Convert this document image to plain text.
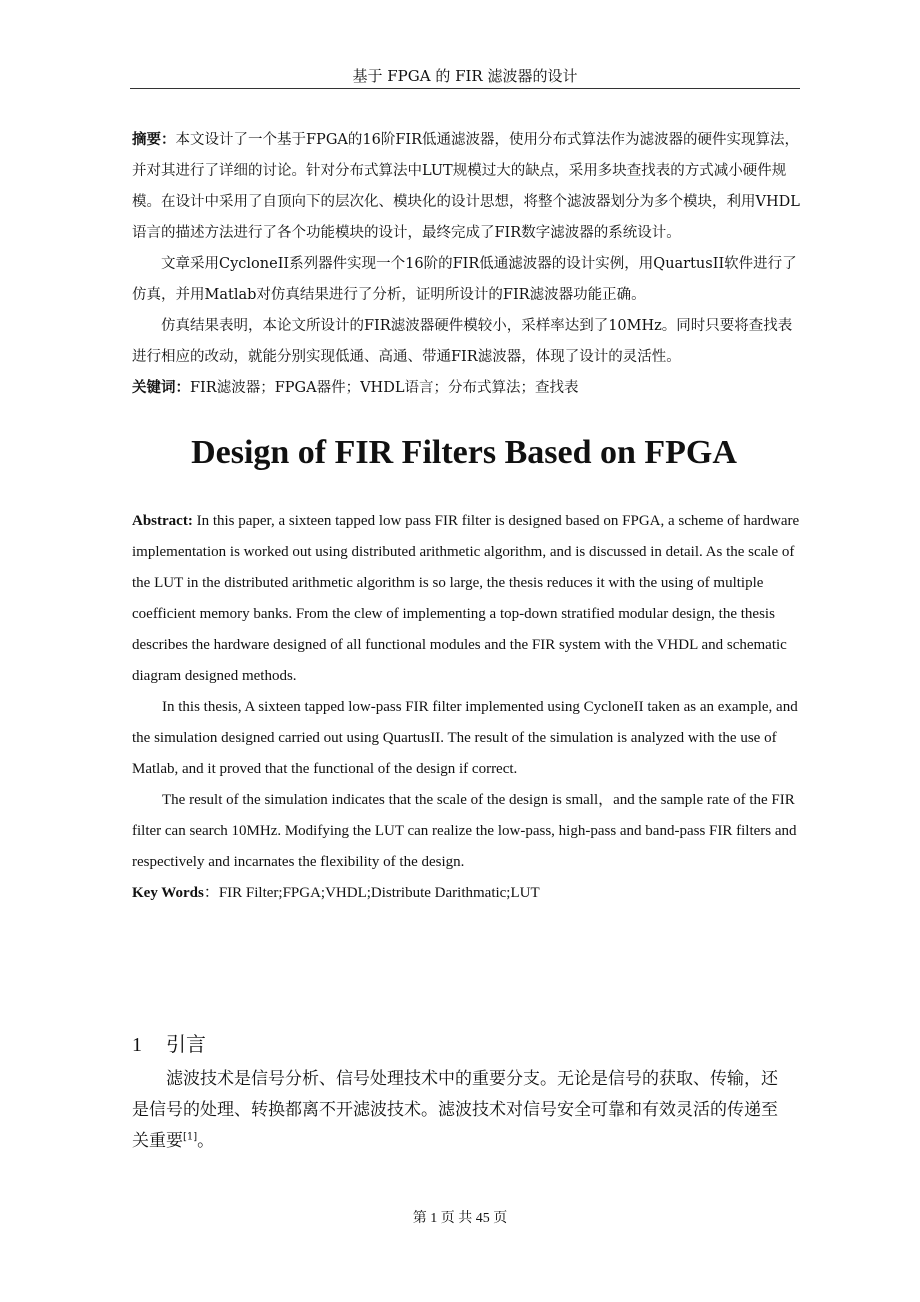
基于 FPGA 的 FIR 滤波器的设计

摘要：本文设计了一个基于FPGA的16阶FIR低通滤波器，使用分布式算法作为滤波器的硬件实现算法，并对其进行了详细的讨论。针对分布式算法中LUT规模过大的缺点，采用多块查找表的方式减小硬件规模。在设计中采用了自顶向下的层次化、模块化的设计思想，将整个滤波器划分为多个模块，利用VHDL语言的描述方法进行了各个功能模块的设计，最终完成了FIR数字滤波器的系统设计。

文章采用CycloneII系列器件实现一个16阶的FIR低通滤波器的设计实例，用QuartusII软件进行了仿真，并用Matlab对仿真结果进行了分析，证明所设计的FIR滤波器功能正确。

仿真结果表明，本论文所设计的FIR滤波器硬件模较小，采样率达到了10MHz。同时只要将查找表进行相应的改动，就能分别实现低通、高通、带通FIR滤波器，体现了设计的灵活性。

关键词：FIR滤波器；FPGA器件；VHDL语言；分布式算法；查找表

Design of FIR Filters Based on FPGA

Abstract: In this paper, a sixteen tapped low pass FIR filter is designed based on FPGA, a scheme of hardware implementation is worked out using distributed arithmetic algorithm, and is discussed in detail. As the scale of the LUT in the distributed arithmetic algorithm is so large, the thesis reduces it with the using of multiple coefficient memory banks. From the clew of implementing a top-down stratified modular design, the thesis describes the hardware designed of all functional modules and the FIR system with the VHDL and schematic diagram designed methods.

In this thesis, A sixteen tapped low-pass FIR filter implemented using CycloneII taken as an example, and the simulation designed carried out using QuartusII. The result of the simulation is analyzed with the use of Matlab, and it proved that the functional of the design if correct.

The result of the simulation indicates that the scale of the design is small，and the sample rate of the FIR filter can search 10MHz. Modifying the LUT can realize the low-pass, high-pass and band-pass FIR filters and respectively and incarnates the flexibility of the design.

Key Words：FIR Filter;FPGA;VHDL;Distribute Darithmatic;LUT

1 引言

滤波技术是信号分析、信号处理技术中的重要分支。无论是信号的获取、传输，还是信号的处理、转换都离不开滤波技术。滤波技术对信号安全可靠和有效灵活的传递至关重要[1]。

第 1 页 共 45 页
